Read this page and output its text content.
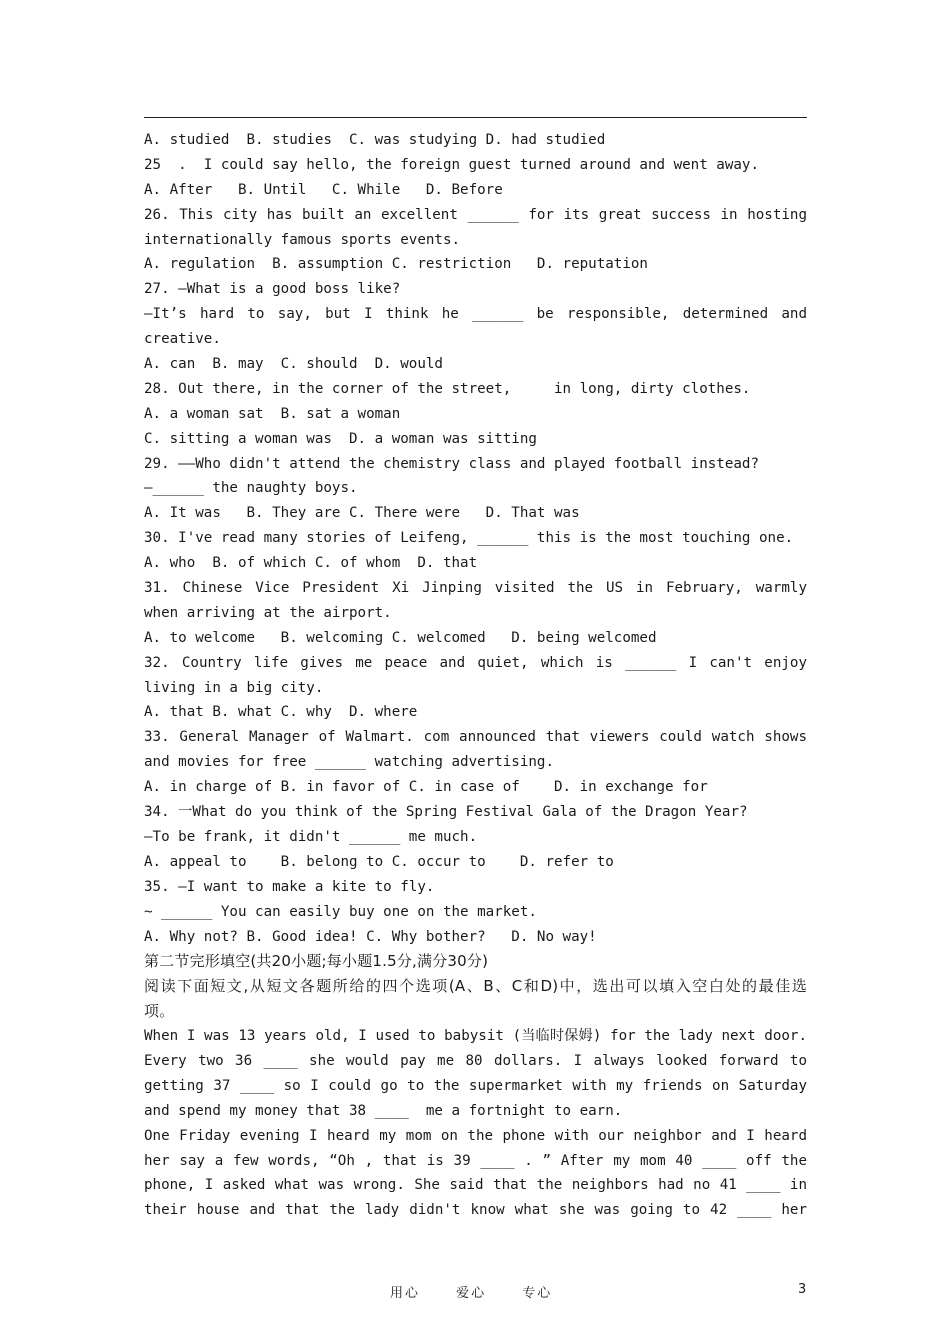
A. studied  B. studies  C. was studying D. had studied
25  .  I could say hello, the foreign guest turned around and went away.
A. After   B. Until   C. While   D. Before
26. This city has built an excellent ______ for its great success in hosting
internationally famous sports events.
A. regulation  B. assumption C. restriction   D. reputation
27. —What is a good boss like?
—It’s hard to say, but I think he ______ be responsible, determined and
creative.
A. can  B. may  C. should  D. would
28. Out there, in the corner of the street,     in long, dirty clothes.
A. a woman sat  B. sat a woman
C. sitting a woman was  D. a woman was sitting
29. ——Who didn't attend the chemistry class and played football instead?
—______ the naughty boys.
A. It was   B. They are C. There were   D. That was
30. I've read many stories of Leifeng, ______ this is the most touching one.
A. who  B. of which C. of whom  D. that
31. Chinese Vice President Xi Jinping visited the US in February, warmly
when arriving at the airport.
A. to welcome   B. welcoming C. welcomed   D. being welcomed
32. Country life gives me peace and quiet, which is ______ I can't enjoy
living in a big city.
A. that B. what C. why  D. where
33. General Manager of Walmart. com announced that viewers could watch shows
and movies for free ______ watching advertising.
A. in charge of B. in favor of C. in case of    D. in exchange for
34. 一What do you think of the Spring Festival Gala of the Dragon Year?
—To be frank, it didn't ______ me much.
A. appeal to    B. belong to C. occur to    D. refer to
35. —I want to make a kite to fly.
~ ______ You can easily buy one on the market.
A. Why not? B. Good idea! C. Why bother?   D. No way!
第二节完形填空(共20小题;每小题1.5分,满分30分)
阅读下面短文,从短文各题所给的四个选项(A、B、C和D)中，选出可以填入空白处的最佳选
项。
When I was 13 years old, I used to babysit (当临时保姆) for the lady next door.
Every two 36 ____ she would pay me 80 dollars. I always looked forward to
getting 37 ____ so I could go to the supermarket with my friends on Saturday
and spend my money that 38 ____  me a fortnight to earn.
One Friday evening I heard my mom on the phone with our neighbor and I heard
her say a few words, “Oh , that is 39 ____ . ” After my mom 40 ____ off the
phone, I asked what was wrong. She said that the neighbors had no 41 ____ in
their house and that the lady didn't know what she was going to 42 ____ her
用心 爱心 专心	3
